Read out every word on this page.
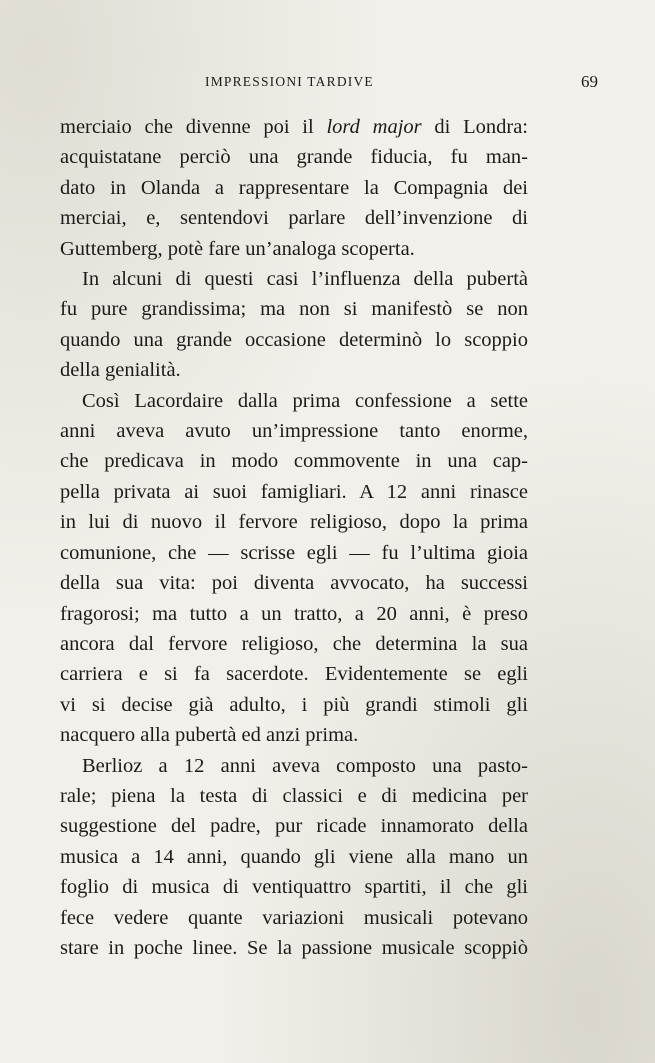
IMPRESSIONI TARDIVE	69
merciaio che divenne poi il lord major di Londra:
acquistatane perciò una grande fiducia, fu man-
dato in Olanda a rappresentare la Compagnia dei
merciai, e, sentendovi parlare dell’invenzione di
Guttemberg, potè fare un’analoga scoperta.
In alcuni di questi casi l’influenza della pubertà
fu pure grandissima; ma non si manifestò se non
quando una grande occasione determinò lo scoppio
della genialità.
Così Lacordaire dalla prima confessione a sette
anni aveva avuto un’impressione tanto enorme,
che predicava in modo commovente in una cap-
pella privata ai suoi famigliari. A 12 anni rinasce
in lui di nuovo il fervore religioso, dopo la prima
comunione, che — scrisse egli — fu l’ultima gioia
della sua vita: poi diventa avvocato, ha successi
fragorosi; ma tutto a un tratto, a 20 anni, è preso
ancora dal fervore religioso, che determina la sua
carriera e si fa sacerdote. Evidentemente se egli
vi si decise già adulto, i più grandi stimoli gli
nacquero alla pubertà ed anzi prima.
Berlioz a 12 anni aveva composto una pasto-
rale; piena la testa di classici e di medicina per
suggestione del padre, pur ricade innamorato della
musica a 14 anni, quando gli viene alla mano un
foglio di musica di ventiquattro spartiti, il che gli
fece vedere quante variazioni musicali potevano
stare in poche linee. Se la passione musicale scoppiò
